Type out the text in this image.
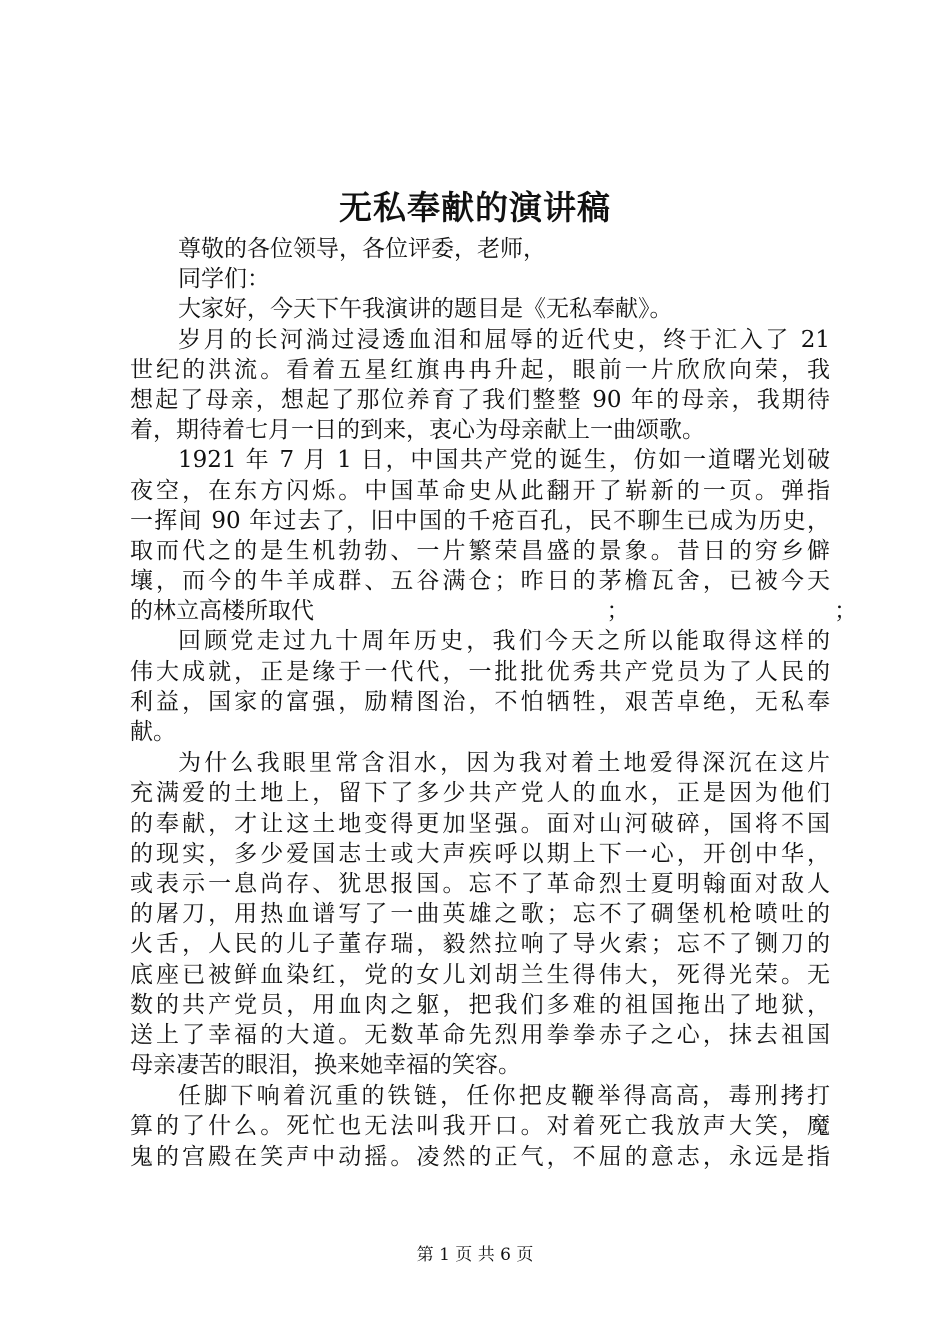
无私奉献的演讲稿
尊敬的各位领导，各位评委，老师，
同学们：
大家好，今天下午我演讲的题目是《无私奉献》。
岁月的长河淌过浸透血泪和屈辱的近代史，终于汇入了 21
世纪的洪流。看着五星红旗冉冉升起，眼前一片欣欣向荣，我
想起了母亲，想起了那位养育了我们整整 90 年的母亲，我期待
着，期待着七月一日的到来，衷心为母亲献上一曲颂歌。
1921 年 7 月 1 日，中国共产党的诞生，仿如一道曙光划破
夜空，在东方闪烁。中国革命史从此翻开了崭新的一页。弹指
一挥间 90 年过去了，旧中国的千疮百孔，民不聊生已成为历史，
取而代之的是生机勃勃、一片繁荣昌盛的景象。昔日的穷乡僻
壤，而今的牛羊成群、五谷满仓；昨日的茅檐瓦舍，已被今天
的林立高楼所取代                                        ；                            ；
回顾党走过九十周年历史，我们今天之所以能取得这样的
伟大成就，正是缘于一代代，一批批优秀共产党员为了人民的
利益，国家的富强，励精图治，不怕牺牲，艰苦卓绝，无私奉
献。
为什么我眼里常含泪水，因为我对着土地爱得深沉在这片
充满爱的土地上，留下了多少共产党人的血水，正是因为他们
的奉献，才让这土地变得更加坚强。面对山河破碎，国将不国
的现实，多少爱国志士或大声疾呼以期上下一心，开创中华，
或表示一息尚存、犹思报国。忘不了革命烈士夏明翰面对敌人
的屠刀，用热血谱写了一曲英雄之歌；忘不了碉堡机枪喷吐的
火舌，人民的儿子董存瑞，毅然拉响了导火索；忘不了铡刀的
底座已被鲜血染红，党的女儿刘胡兰生得伟大，死得光荣。无
数的共产党员，用血肉之躯，把我们多难的祖国拖出了地狱，
送上了幸福的大道。无数革命先烈用拳拳赤子之心，抹去祖国
母亲凄苦的眼泪，换来她幸福的笑容。
任脚下响着沉重的铁链，任你把皮鞭举得高高，毒刑拷打
算的了什么。死忙也无法叫我开口。对着死亡我放声大笑，魔
鬼的宫殿在笑声中动摇。凌然的正气，不屈的意志，永远是指
第 1 页 共 6 页
